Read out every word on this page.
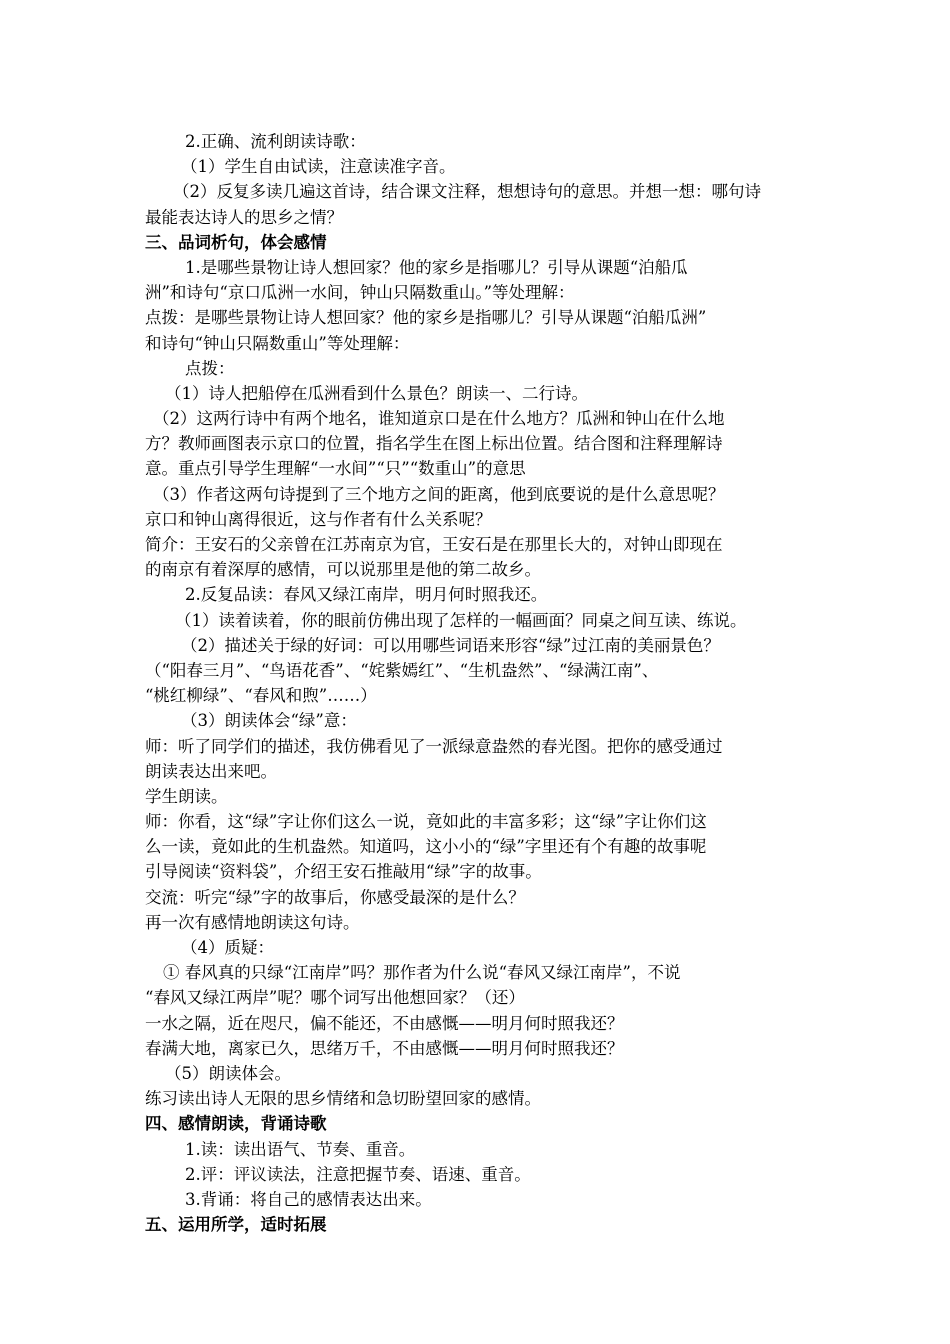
2.正确、流利朗读诗歌：
（1）学生自由试读，注意读准字音。
（2）反复多读几遍这首诗，结合课文注释，想想诗句的意思。并想一想：哪句诗
最能表达诗人的思乡之情？
三、品词析句，体会感情
1.是哪些景物让诗人想回家？他的家乡是指哪儿？引导从课题“泊船瓜
洲”和诗句“京口瓜洲一水间，钟山只隔数重山。”等处理解：
点拨：是哪些景物让诗人想回家？他的家乡是指哪儿？引导从课题“泊船瓜洲”
和诗句“钟山只隔数重山”等处理解：
点拨：
（1）诗人把船停在瓜洲看到什么景色？朗读一、二行诗。
（2）这两行诗中有两个地名，谁知道京口是在什么地方？瓜洲和钟山在什么地
方？教师画图表示京口的位置，指名学生在图上标出位置。结合图和注释理解诗
意。重点引导学生理解“一水间”“只”“数重山”的意思
（3）作者这两句诗提到了三个地方之间的距离，他到底要说的是什么意思呢？
京口和钟山离得很近，这与作者有什么关系呢？
简介：王安石的父亲曾在江苏南京为官，王安石是在那里长大的，对钟山即现在
的南京有着深厚的感情，可以说那里是他的第二故乡。
2.反复品读：春风又绿江南岸，明月何时照我还。
（1）读着读着，你的眼前仿佛出现了怎样的一幅画面？同桌之间互读、练说。
（2）描述关于绿的好词：可以用哪些词语来形容“绿”过江南的美丽景色？
（“阳春三月”、“鸟语花香”、“姹紫嫣红”、“生机盎然”、“绿满江南”、
“桃红柳绿”、“春风和煦”……）
（3）朗读体会“绿”意：
师：听了同学们的描述，我仿佛看见了一派绿意盎然的春光图。把你的感受通过
朗读表达出来吧。
学生朗读。
师：你看，这“绿”字让你们这么一说，竟如此的丰富多彩；这“绿”字让你们这
么一读，竟如此的生机盎然。知道吗，这小小的“绿”字里还有个有趣的故事呢
引导阅读“资料袋”，介绍王安石推敲用“绿”字的故事。
交流：听完“绿”字的故事后，你感受最深的是什么？
再一次有感情地朗读这句诗。
（4）质疑：
① 春风真的只绿“江南岸”吗？那作者为什么说“春风又绿江南岸”，不说
“春风又绿江两岸”呢？哪个词写出他想回家？（还）
一水之隔，近在咫尺，偏不能还，不由感慨——明月何时照我还？
春满大地，离家已久，思绪万千，不由感慨——明月何时照我还？
（5）朗读体会。
练习读出诗人无限的思乡情绪和急切盼望回家的感情。
四、感情朗读，背诵诗歌
1.读：读出语气、节奏、重音。
2.评：评议读法，注意把握节奏、语速、重音。
3.背诵：将自己的感情表达出来。
五、运用所学，适时拓展
